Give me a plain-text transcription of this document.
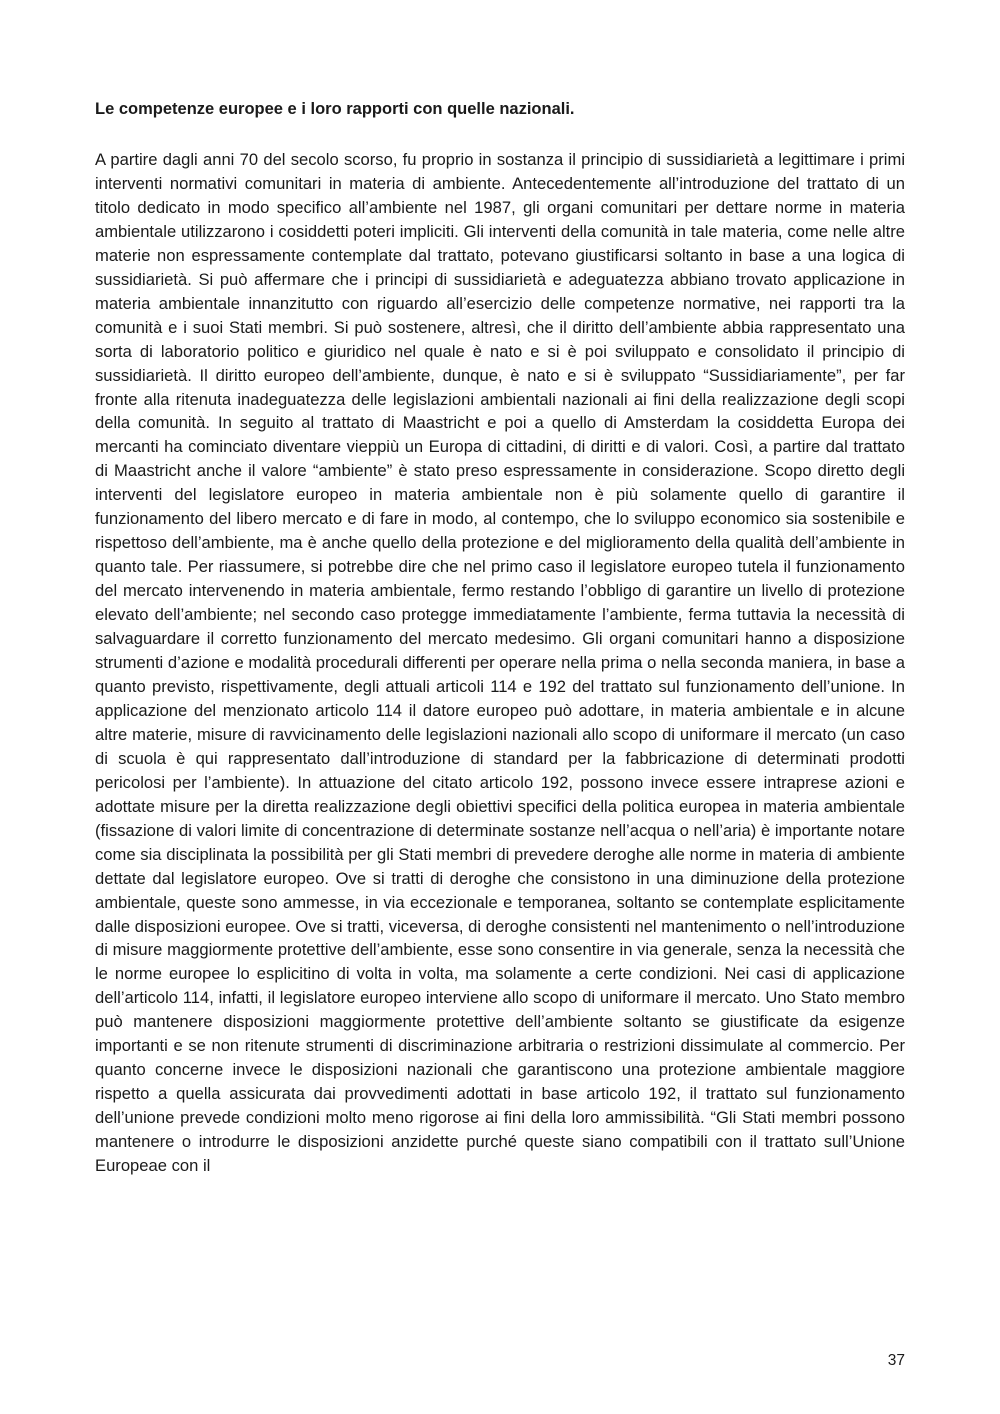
Le competenze europee e i loro rapporti con quelle nazionali.

A partire dagli anni 70 del secolo scorso, fu proprio in sostanza il principio di sussidiarietà a legittimare i primi interventi normativi comunitari in materia di ambiente. Antecedentemente all’introduzione del trattato di un titolo dedicato in modo specifico all’ambiente nel 1987, gli organi comunitari per dettare norme in materia ambientale utilizzarono i cosiddetti poteri impliciti. Gli interventi della comunità in tale materia, come nelle altre materie non espressamente contemplate dal trattato, potevano giustificarsi soltanto in base a una logica di sussidiarietà. Si può affermare che i principi di sussidiarietà e adeguatezza abbiano trovato applicazione in materia ambientale innanzitutto con riguardo all’esercizio delle competenze normative, nei rapporti tra la comunità e i suoi Stati membri. Si può sostenere, altresì, che il diritto dell’ambiente abbia rappresentato una sorta di laboratorio politico e giuridico nel quale è nato e si è poi sviluppato e consolidato il principio di sussidiarietà. Il diritto europeo dell’ambiente, dunque, è nato e si è sviluppato “Sussidiariamente”, per far fronte alla ritenuta inadeguatezza delle legislazioni ambientali nazionali ai fini della realizzazione degli scopi della comunità. In seguito al trattato di Maastricht e poi a quello di Amsterdam la cosiddetta Europa dei mercanti ha cominciato diventare vieppiù un Europa di cittadini, di diritti e di valori. Così, a partire dal trattato di Maastricht anche il valore “ambiente” è stato preso espressamente in considerazione. Scopo diretto degli interventi del legislatore europeo in materia ambientale non è più solamente quello di garantire il funzionamento del libero mercato e di fare in modo, al contempo, che lo sviluppo economico sia sostenibile e rispettoso dell’ambiente, ma è anche quello della protezione e del miglioramento della qualità dell’ambiente in quanto tale. Per riassumere, si potrebbe dire che nel primo caso il legislatore europeo tutela il funzionamento del mercato intervenendo in materia ambientale, fermo restando l’obbligo di garantire un livello di protezione elevato dell’ambiente; nel secondo caso protegge immediatamente l’ambiente, ferma tuttavia la necessità di salvaguardare il corretto funzionamento del mercato medesimo. Gli organi comunitari hanno a disposizione strumenti d’azione e modalità procedurali differenti per operare nella prima o nella seconda maniera, in base a quanto previsto, rispettivamente, degli attuali articoli 114 e 192 del trattato sul funzionamento dell’unione. In applicazione del menzionato articolo 114 il datore europeo può adottare, in materia ambientale e in alcune altre materie, misure di ravvicinamento delle legislazioni nazionali allo scopo di uniformare il mercato (un caso di scuola è qui rappresentato dall’introduzione di standard per la fabbricazione di determinati prodotti pericolosi per l’ambiente). In attuazione del citato articolo 192, possono invece essere intraprese azioni e adottate misure per la diretta realizzazione degli obiettivi specifici della politica europea in materia ambientale (fissazione di valori limite di concentrazione di determinate sostanze nell’acqua o nell’aria) è importante notare come sia disciplinata la possibilità per gli Stati membri di prevedere deroghe alle norme in materia di ambiente dettate dal legislatore europeo. Ove si tratti di deroghe che consistono in una diminuzione della protezione ambientale, queste sono ammesse, in via eccezionale e temporanea, soltanto se contemplate esplicitamente dalle disposizioni europee. Ove si tratti, viceversa, di deroghe consistenti nel mantenimento o nell’introduzione di misure maggiormente protettive dell’ambiente, esse sono consentire in via generale, senza la necessità che le norme europee lo esplicitino di volta in volta, ma solamente a certe condizioni. Nei casi di applicazione dell’articolo 114, infatti, il legislatore europeo interviene allo scopo di uniformare il mercato. Uno Stato membro può mantenere disposizioni maggiormente protettive dell’ambiente soltanto se giustificate da esigenze importanti e se non ritenute strumenti di discriminazione arbitraria o restrizioni dissimulate al commercio. Per quanto concerne invece le disposizioni nazionali che garantiscono una protezione ambientale maggiore rispetto a quella assicurata dai provvedimenti adottati in base articolo 192, il trattato sul funzionamento dell’unione prevede condizioni molto meno rigorose ai fini della loro ammissibilità. “Gli Stati membri possono mantenere o introdurre le disposizioni anzidette purché queste siano compatibili con il trattato sull’Unione Europeae con il

37
